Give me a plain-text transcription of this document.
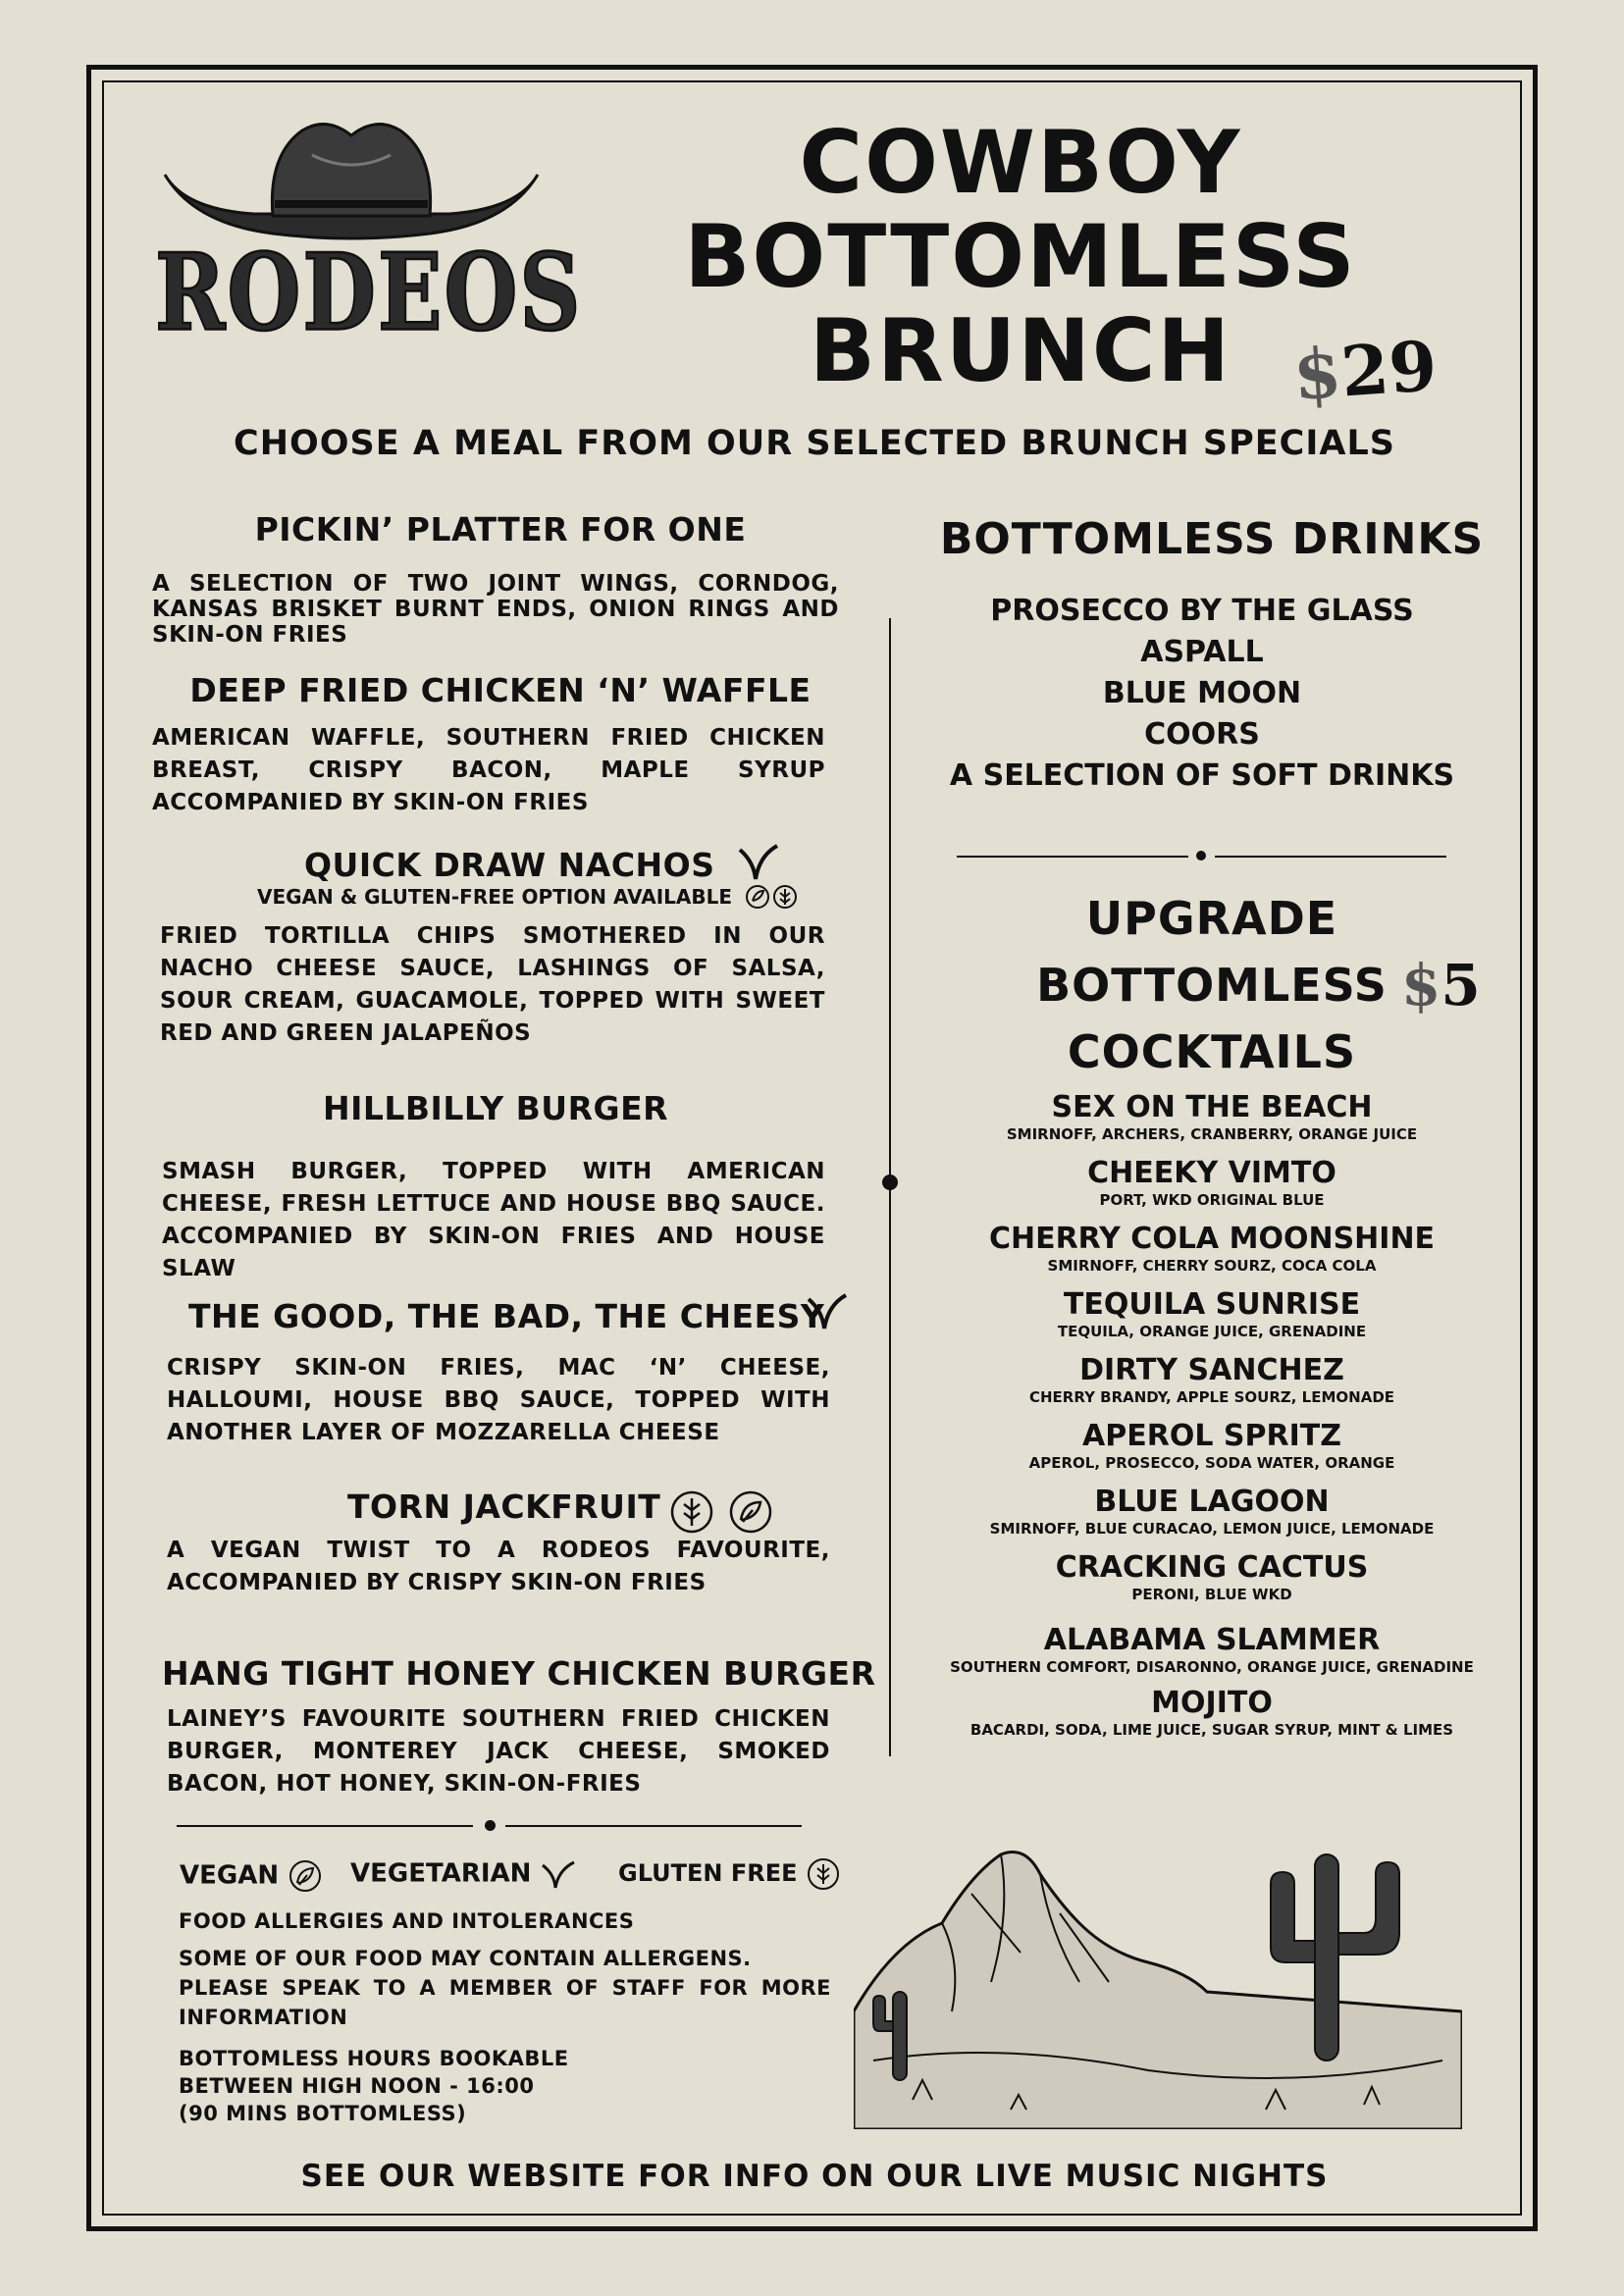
RODEOS
COWBOY
BOTTOMLESS
BRUNCH $29
CHOOSE A MEAL FROM OUR SELECTED BRUNCH SPECIALS
PICKIN’ PLATTER FOR ONE
A SELECTION OF TWO JOINT WINGS, CORNDOG, KANSAS BRISKET BURNT ENDS, ONION RINGS AND SKIN-ON FRIES
DEEP FRIED CHICKEN ‘N’ WAFFLE
AMERICAN WAFFLE, SOUTHERN FRIED CHICKEN BREAST, CRISPY BACON, MAPLE SYRUP ACCOMPANIED BY SKIN-ON FRIES
QUICK DRAW NACHOS
VEGAN & GLUTEN-FREE OPTION AVAILABLE
FRIED TORTILLA CHIPS SMOTHERED IN OUR NACHO CHEESE SAUCE, LASHINGS OF SALSA, SOUR CREAM, GUACAMOLE, TOPPED WITH SWEET RED AND GREEN JALAPEÑOS
HILLBILLY BURGER
SMASH BURGER, TOPPED WITH AMERICAN CHEESE, FRESH LETTUCE AND HOUSE BBQ SAUCE. ACCOMPANIED BY SKIN-ON FRIES AND HOUSE SLAW
THE GOOD, THE BAD, THE CHEESY
CRISPY SKIN-ON FRIES, MAC ‘N’ CHEESE, HALLOUMI, HOUSE BBQ SAUCE, TOPPED WITH ANOTHER LAYER OF MOZZARELLA CHEESE
TORN JACKFRUIT
A VEGAN TWIST TO A RODEOS FAVOURITE, ACCOMPANIED BY CRISPY SKIN-ON FRIES
HANG TIGHT HONEY CHICKEN BURGER
LAINEY’S FAVOURITE SOUTHERN FRIED CHICKEN BURGER, MONTEREY JACK CHEESE, SMOKED BACON, HOT HONEY, SKIN-ON-FRIES
BOTTOMLESS DRINKS
PROSECCO BY THE GLASS
ASPALL
BLUE MOON
COORS
A SELECTION OF SOFT DRINKS
UPGRADE
BOTTOMLESS
COCKTAILS
$5
SEX ON THE BEACH
SMIRNOFF, ARCHERS, CRANBERRY, ORANGE JUICE
CHEEKY VIMTO
PORT, WKD ORIGINAL BLUE
CHERRY COLA MOONSHINE
SMIRNOFF, CHERRY SOURZ, COCA COLA
TEQUILA SUNRISE
TEQUILA, ORANGE JUICE, GRENADINE
DIRTY SANCHEZ
CHERRY BRANDY, APPLE SOURZ, LEMONADE
APEROL SPRITZ
APEROL, PROSECCO, SODA WATER, ORANGE
BLUE LAGOON
SMIRNOFF, BLUE CURACAO, LEMON JUICE, LEMONADE
CRACKING CACTUS
PERONI, BLUE WKD
ALABAMA SLAMMER
SOUTHERN COMFORT, DISARONNO, ORANGE JUICE, GRENADINE
MOJITO
BACARDI, SODA, LIME JUICE, SUGAR SYRUP, MINT & LIMES
VEGAN	VEGETARIAN	GLUTEN FREE
FOOD ALLERGIES AND INTOLERANCES
SOME OF OUR FOOD MAY CONTAIN ALLERGENS.
PLEASE SPEAK TO A MEMBER OF STAFF FOR MORE INFORMATION
BOTTOMLESS HOURS BOOKABLE
BETWEEN HIGH NOON - 16:00
(90 MINS BOTTOMLESS)
SEE OUR WEBSITE FOR INFO ON OUR LIVE MUSIC NIGHTS
